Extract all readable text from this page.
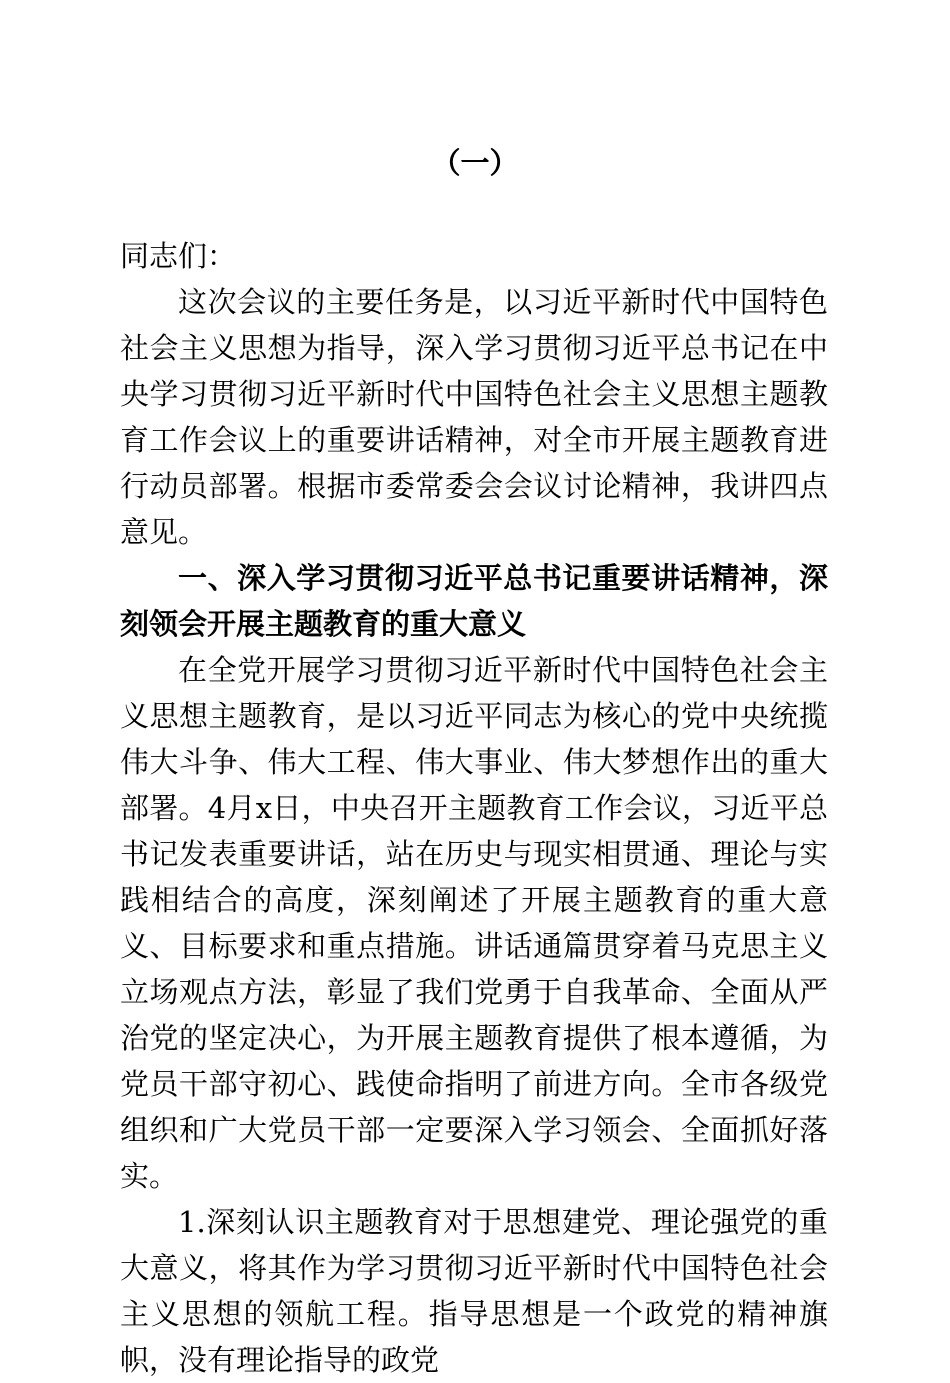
（一）

同志们：

这次会议的主要任务是，以习近平新时代中国特色社会主义思想为指导，深入学习贯彻习近平总书记在中央学习贯彻习近平新时代中国特色社会主义思想主题教育工作会议上的重要讲话精神，对全市开展主题教育进行动员部署。根据市委常委会会议讨论精神，我讲四点意见。

一、深入学习贯彻习近平总书记重要讲话精神，深刻领会开展主题教育的重大意义

在全党开展学习贯彻习近平新时代中国特色社会主义思想主题教育，是以习近平同志为核心的党中央统揽伟大斗争、伟大工程、伟大事业、伟大梦想作出的重大部署。4月x日，中央召开主题教育工作会议，习近平总书记发表重要讲话，站在历史与现实相贯通、理论与实践相结合的高度，深刻阐述了开展主题教育的重大意义、目标要求和重点措施。讲话通篇贯穿着马克思主义立场观点方法，彰显了我们党勇于自我革命、全面从严治党的坚定决心，为开展主题教育提供了根本遵循，为党员干部守初心、践使命指明了前进方向。全市各级党组织和广大党员干部一定要深入学习领会、全面抓好落实。

1.深刻认识主题教育对于思想建党、理论强党的重大意义，将其作为学习贯彻习近平新时代中国特色社会主义思想的领航工程。指导思想是一个政党的精神旗帜，没有理论指导的政党
